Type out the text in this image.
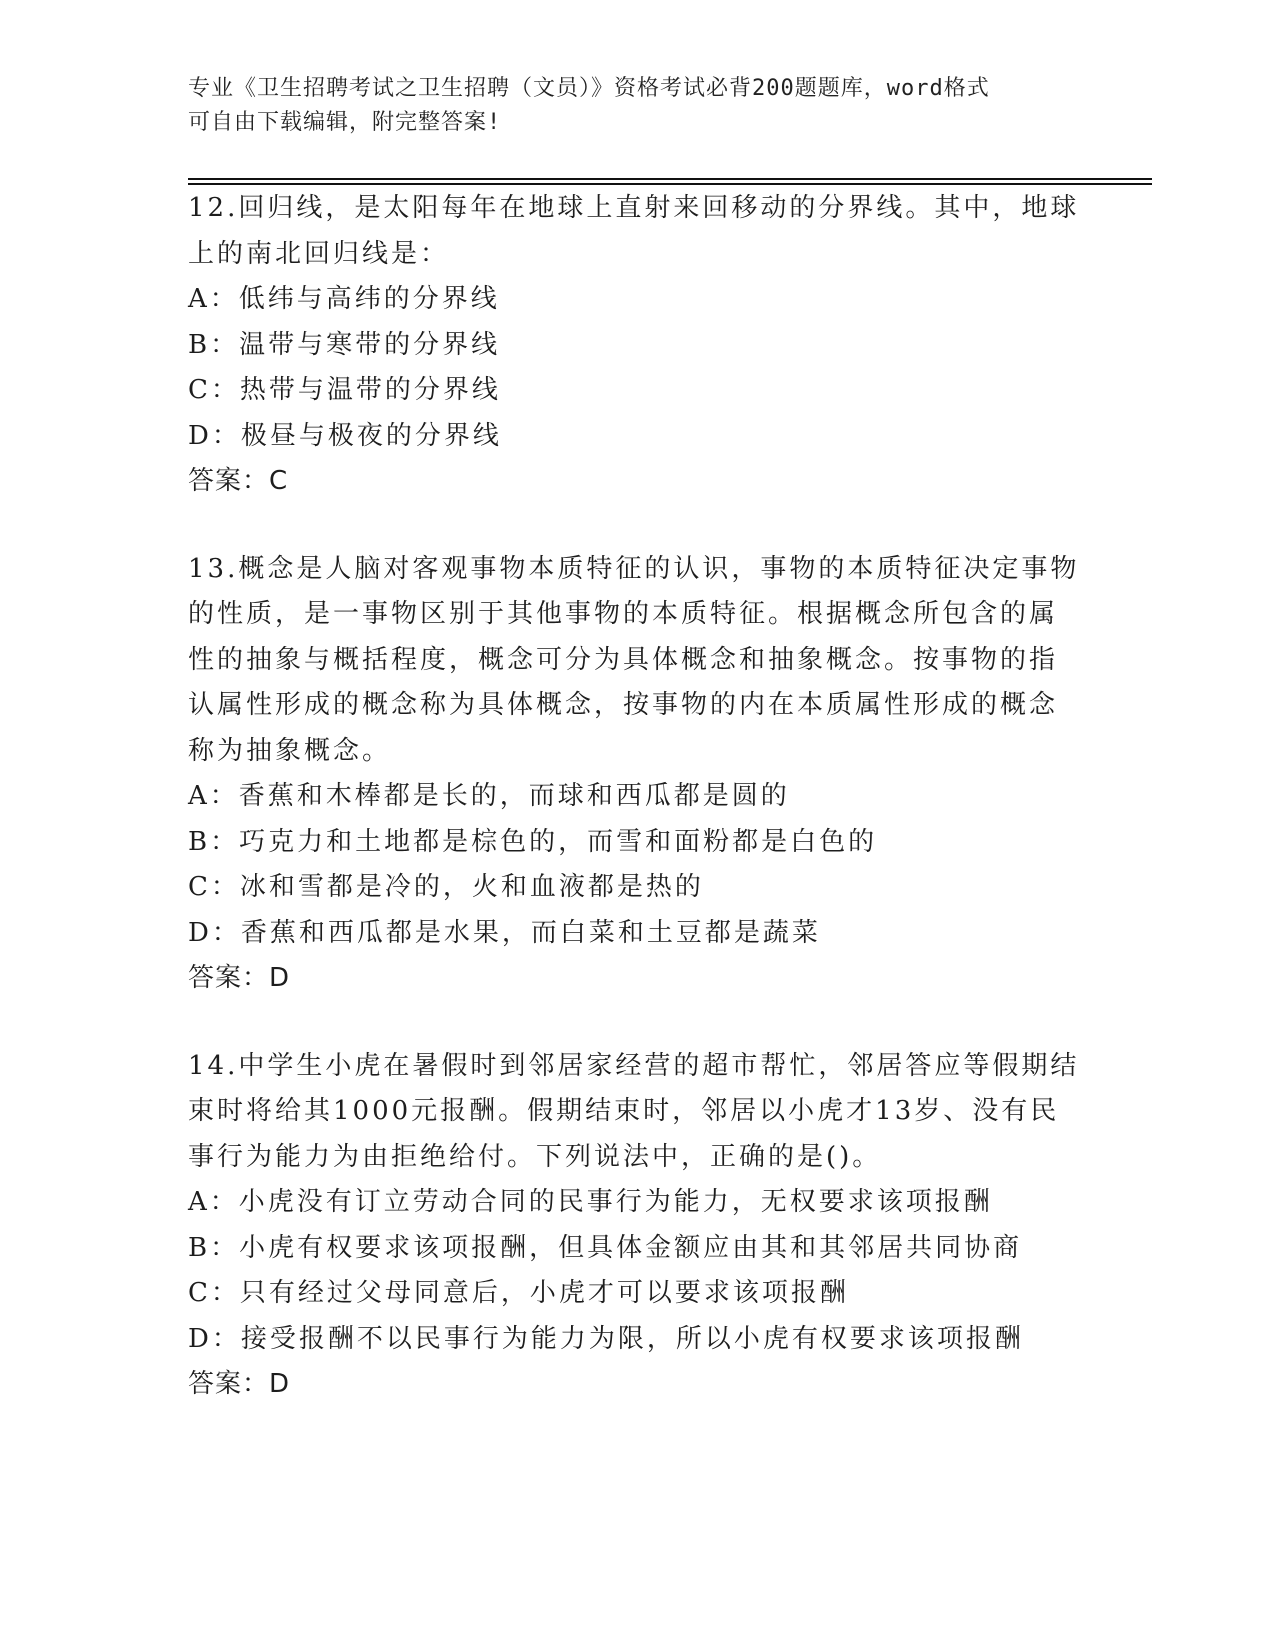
专业《卫生招聘考试之卫生招聘（文员）》资格考试必背200题题库，word格式
可自由下载编辑，附完整答案!

12.回归线，是太阳每年在地球上直射来回移动的分界线。其中，地球
上的南北回归线是：

A：低纬与高纬的分界线

B：温带与寒带的分界线

C：热带与温带的分界线

D：极昼与极夜的分界线

答案：C

13.概念是人脑对客观事物本质特征的认识，事物的本质特征决定事物
的性质，是一事物区别于其他事物的本质特征。根据概念所包含的属
性的抽象与概括程度，概念可分为具体概念和抽象概念。按事物的指
认属性形成的概念称为具体概念，按事物的内在本质属性形成的概念
称为抽象概念。

A：香蕉和木棒都是长的，而球和西瓜都是圆的

B：巧克力和土地都是棕色的，而雪和面粉都是白色的

C：冰和雪都是冷的，火和血液都是热的

D：香蕉和西瓜都是水果，而白菜和土豆都是蔬菜

答案：D

14.中学生小虎在暑假时到邻居家经营的超市帮忙，邻居答应等假期结
束时将给其1000元报酬。假期结束时，邻居以小虎才13岁、没有民
事行为能力为由拒绝给付。下列说法中，正确的是()。

A：小虎没有订立劳动合同的民事行为能力，无权要求该项报酬

B：小虎有权要求该项报酬，但具体金额应由其和其邻居共同协商

C：只有经过父母同意后，小虎才可以要求该项报酬

D：接受报酬不以民事行为能力为限，所以小虎有权要求该项报酬

答案：D
